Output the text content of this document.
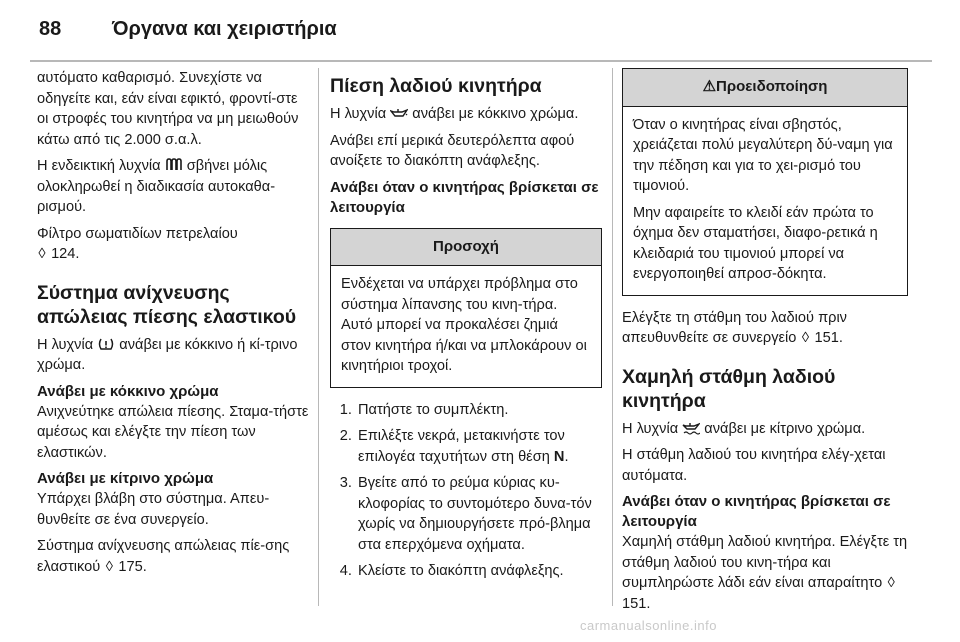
88	Όργανα και χειριστήρια

αυτόματο καθαρισμό. Συνεχίστε να οδηγείτε και, εάν είναι εφικτό, φροντί-στε οι στροφές του κινητήρα να μη μειωθούν κάτω από τις 2.000 σ.α.λ.

Η ενδεικτική λυχνία σβήνει μόλις ολοκληρωθεί η διαδικασία αυτοκαθα-ρισμού.

Φίλτρο σωματιδίων πετρελαίου
◊ 124.

Σύστημα ανίχνευσης απώλειας πίεσης ελαστικού

Η λυχνία ανάβει με κόκκινο ή κί-τρινο χρώμα.

Ανάβει με κόκκινο χρώμα

Ανιχνεύτηκε απώλεια πίεσης. Σταμα-τήστε αμέσως και ελέγξτε την πίεση των ελαστικών.

Ανάβει με κίτρινο χρώμα

Υπάρχει βλάβη στο σύστημα. Απευ-θυνθείτε σε ένα συνεργείο.

Σύστημα ανίχνευσης απώλειας πίε-σης ελαστικού ◊ 175.

Πίεση λαδιού κινητήρα

Η λυχνία ανάβει με κόκκινο χρώμα.

Ανάβει επί μερικά δευτερόλεπτα αφού ανοίξετε το διακόπτη ανάφλεξης.

Ανάβει όταν ο κινητήρας βρίσκεται σε λειτουργία
Προσοχή

Ενδέχεται να υπάρχει πρόβλημα στο σύστημα λίπανσης του κινη-τήρα. Αυτό μπορεί να προκαλέσει ζημιά στον κινητήρα ή/και να μπλοκάρουν οι κινητήριοι τροχοί.

1. Πατήστε το συμπλέκτη.
2. Επιλέξτε νεκρά, μετακινήστε τον επιλογέα ταχυτήτων στη θέση N.
3. Βγείτε από το ρεύμα κύριας κυ-κλοφορίας το συντομότερο δυνα-τόν χωρίς να δημιουργήσετε πρό-βλημα στα επερχόμενα οχήματα.
4. Κλείστε το διακόπτη ανάφλεξης.
⚠Προειδοποίηση

Όταν ο κινητήρας είναι σβηστός, χρειάζεται πολύ μεγαλύτερη δύ-ναμη για την πέδηση και για το χει-ρισμό του τιμονιού.

Μην αφαιρείτε το κλειδί εάν πρώτα το όχημα δεν σταματήσει, διαφο-ρετικά η κλειδαριά του τιμονιού μπορεί να ενεργοποιηθεί απροσ-δόκητα.

Ελέγξτε τη στάθμη του λαδιού πριν απευθυνθείτε σε συνεργείο ◊ 151.

Χαμηλή στάθμη λαδιού κινητήρα

Η λυχνία ανάβει με κίτρινο χρώμα.

Η στάθμη λαδιού του κινητήρα ελέγ-χεται αυτόματα.

Ανάβει όταν ο κινητήρας βρίσκεται σε λειτουργία

Χαμηλή στάθμη λαδιού κινητήρα. Ελέγξτε τη στάθμη λαδιού του κινη-τήρα και συμπληρώστε λάδι εάν είναι απαραίτητο ◊ 151.

carmanualsonline.info
